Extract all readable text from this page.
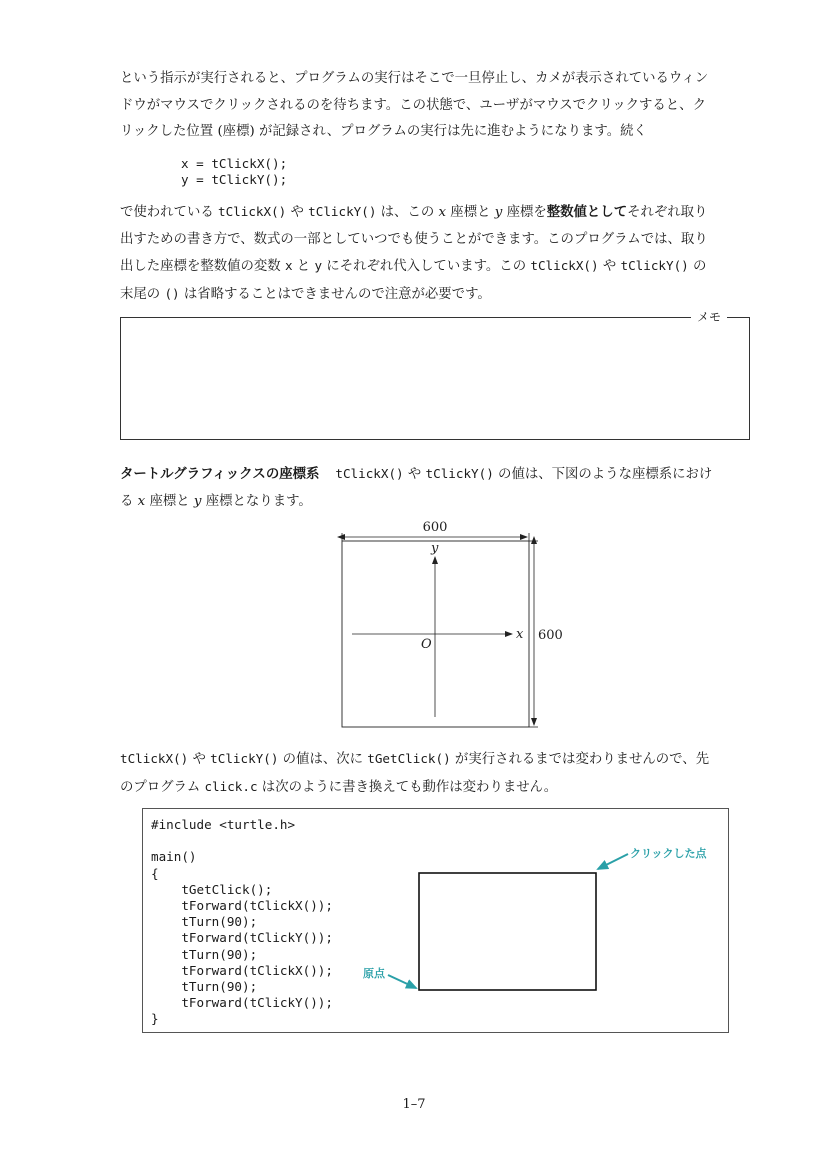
という指示が実行されると、プログラムの実行はそこで一旦停止し、カメが表示されているウィン
ドウがマウスでクリックされるのを待ちます。この状態で、ユーザがマウスでクリックすると、ク
リックした位置 (座標) が記録され、プログラムの実行は先に進むようになります。続く
x = tClickX();
y = tClickY();
で使われている tClickX() や tClickY() は、この x 座標と y 座標を整数値としてそれぞれ取り
出すための書き方で、数式の一部としていつでも使うことができます。このプログラムでは、取り
出した座標を整数値の変数 x と y にそれぞれ代入しています。この tClickX() や tClickY() の
末尾の () は省略することはできませんので注意が必要です。
メモ
タートルグラフィックスの座標系 tClickX() や tClickY() の値は、下図のような座標系におけ
る x 座標と y 座標となります。
600
600
y
x
O
tClickX() や tClickY() の値は、次に tGetClick() が実行されるまでは変わりませんので、先
のプログラム click.c は次のように書き換えても動作は変わりません。
#include <turtle.h>

main()
{
tGetClick();
tForward(tClickX());
tTurn(90);
tForward(tClickY());
tTurn(90);
tForward(tClickX());
tTurn(90);
tForward(tClickY());
}
クリックした点
原点
1–7
